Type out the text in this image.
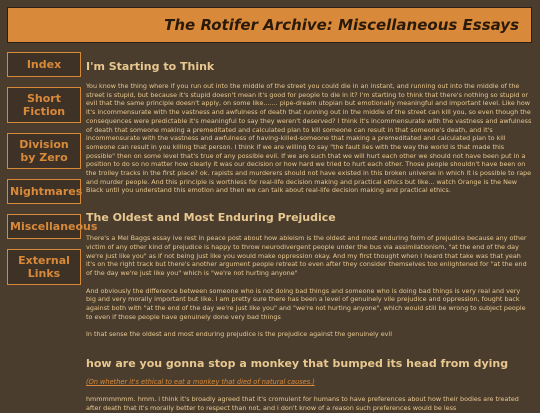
The Rotifer Archive: Miscellaneous Essays
Index
Short
Fiction
Division
by Zero
Nightmares
Miscellaneous
External
Links
I'm Starting to Think

You know the thing where if you run out into the middle of the street you could die in an instant, and running out into the middle of the street is stupid, but because it's stupid doesn't mean it's good for people to die in it? I'm starting to think that there's nothing so stupid or evil that the same principle doesn't apply, on some like....... pipe-dream utopian but emotionally meaningful and important level. Like how it's incommensurate with the vastness and awfulness of death that running out in the middle of the street can kill you, so even though the consequences were predictable it's meaningful to say they weren't deserved? I think it's incommensurate with the vastness and awfulness of death that someone making a premeditated and calculated plan to kill someone can result in that someone's death, and it's incommensurate with the vastness and awfulness of having-killed-someone that making a premeditated and calculated plan to kill someone can result in you killing that person. I think if we are willing to say "the fault lies with the way the world is that made this possible" then on some level that's true of any possible evil. If we are such that we will hurt each other we should not have been put in a position to do so no matter how clearly it was our decision or how hard we tried to hurt each other. Those people shouldn't have been on the trolley tracks in the first place? ok. rapists and murderers should not have existed in this broken universe in which it is possible to rape and murder people. And this principle is worthless for real-life decision making and practical ethics but like... watch Orange is the New Black until you understand this emotion and then we can talk about real-life decision making and practical ethics.

The Oldest and Most Enduring Prejudice

There's a Mel Baggs essay ive rest in peace post about how ableism is the oldest and most enduring form of prejudice because any other victim of any other kind of prejudice is happy to throw neurodivergent people under the bus via assimilationism, "at the end of the day we're just like you" as if not being just like you would make oppression okay. And my first thought when I heard that take was that yeah it's on the right track but there's another argument people retreat to even after they consider themselves too enlightened for "at the end of the day we're just like you" which is "we're not hurting anyone"

And obviously the difference between someone who is not doing bad things and someone who is doing bad things is very real and very big and very morally important but like. I am pretty sure there has been a level of genuinely vile prejudice and oppression, fought back against both with "at the end of the day we're just like you" and "we're not hurting anyone", which would still be wrong to subject people to even if those people have genuinely done very bad things

In that sense the oldest and most enduring prejudice is the prejudice against the genuinely evil

how are you gonna stop a monkey that bumped its head from dying
(On whether it's ethical to eat a monkey that died of natural causes.)

hmmmmmmm. hmm. i think it's broadly agreed that it's cromulent for humans to have preferences about how their bodies are treated after death that it's morally better to respect than not, and i don't know of a reason such preferences would be less
